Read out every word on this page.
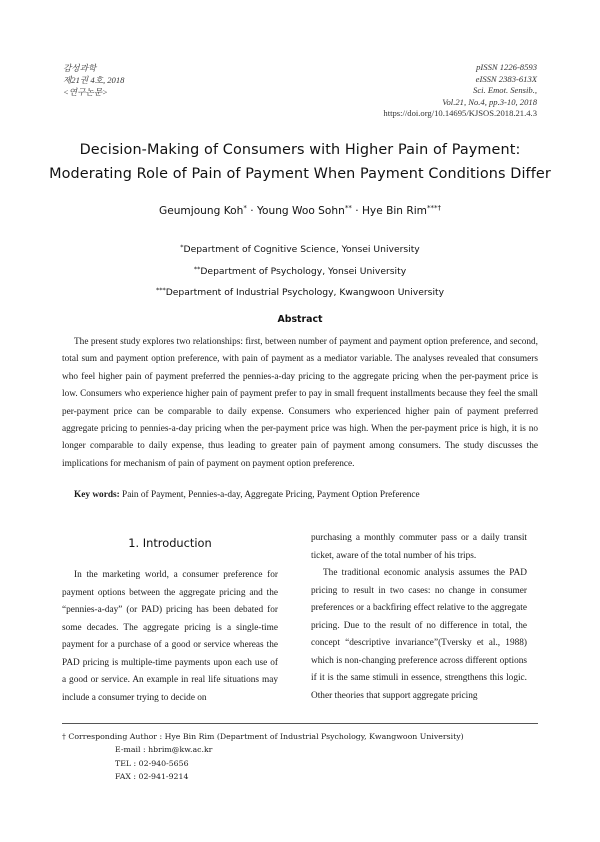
감성과학
제21권 4호, 2018
<연구논문>
pISSN 1226-8593
eISSN 2383-613X
Sci. Emot. Sensib.,
Vol.21, No.4, pp.3-10, 2018
https://doi.org/10.14695/KJSOS.2018.21.4.3
Decision-Making of Consumers with Higher Pain of Payment:
Moderating Role of Pain of Payment When Payment Conditions Differ
Geumjoung Koh* · Young Woo Sohn** · Hye Bin Rim***†
*Department of Cognitive Science, Yonsei University
**Department of Psychology, Yonsei University
***Department of Industrial Psychology, Kwangwoon University
Abstract

The present study explores two relationships: first, between number of payment and payment option preference, and second, total sum and payment option preference, with pain of payment as a mediator variable. The analyses revealed that consumers who feel higher pain of payment preferred the pennies-a-day pricing to the aggregate pricing when the per-payment price is low. Consumers who experience higher pain of payment prefer to pay in small frequent installments because they feel the small per-payment price can be comparable to daily expense. Consumers who experienced higher pain of payment preferred aggregate pricing to pennies-a-day pricing when the per-payment price was high. When the per-payment price is high, it is no longer comparable to daily expense, thus leading to greater pain of payment among consumers. The study discusses the implications for mechanism of pain of payment on payment option preference.

Key words: Pain of Payment, Pennies-a-day, Aggregate Pricing, Payment Option Preference
1. Introduction

In the marketing world, a consumer preference for payment options between the aggregate pricing and the “pennies-a-day” (or PAD) pricing has been debated for some decades. The aggregate pricing is a single-time payment for a purchase of a good or service whereas the PAD pricing is multiple-time payments upon each use of a good or service. An example in real life situations may include a consumer trying to decide on

purchasing a monthly commuter pass or a daily transit ticket, aware of the total number of his trips.

The traditional economic analysis assumes the PAD pricing to result in two cases: no change in consumer preferences or a backfiring effect relative to the aggregate pricing. Due to the result of no difference in total, the concept “descriptive invariance”(Tversky et al., 1988) which is non-changing preference across different options if it is the same stimuli in essence, strengthens this logic. Other theories that support aggregate pricing

† Corresponding Author : Hye Bin Rim (Department of Industrial Psychology, Kwangwoon University)
E-mail : hbrim@kw.ac.kr
TEL : 02-940-5656
FAX : 02-941-9214
